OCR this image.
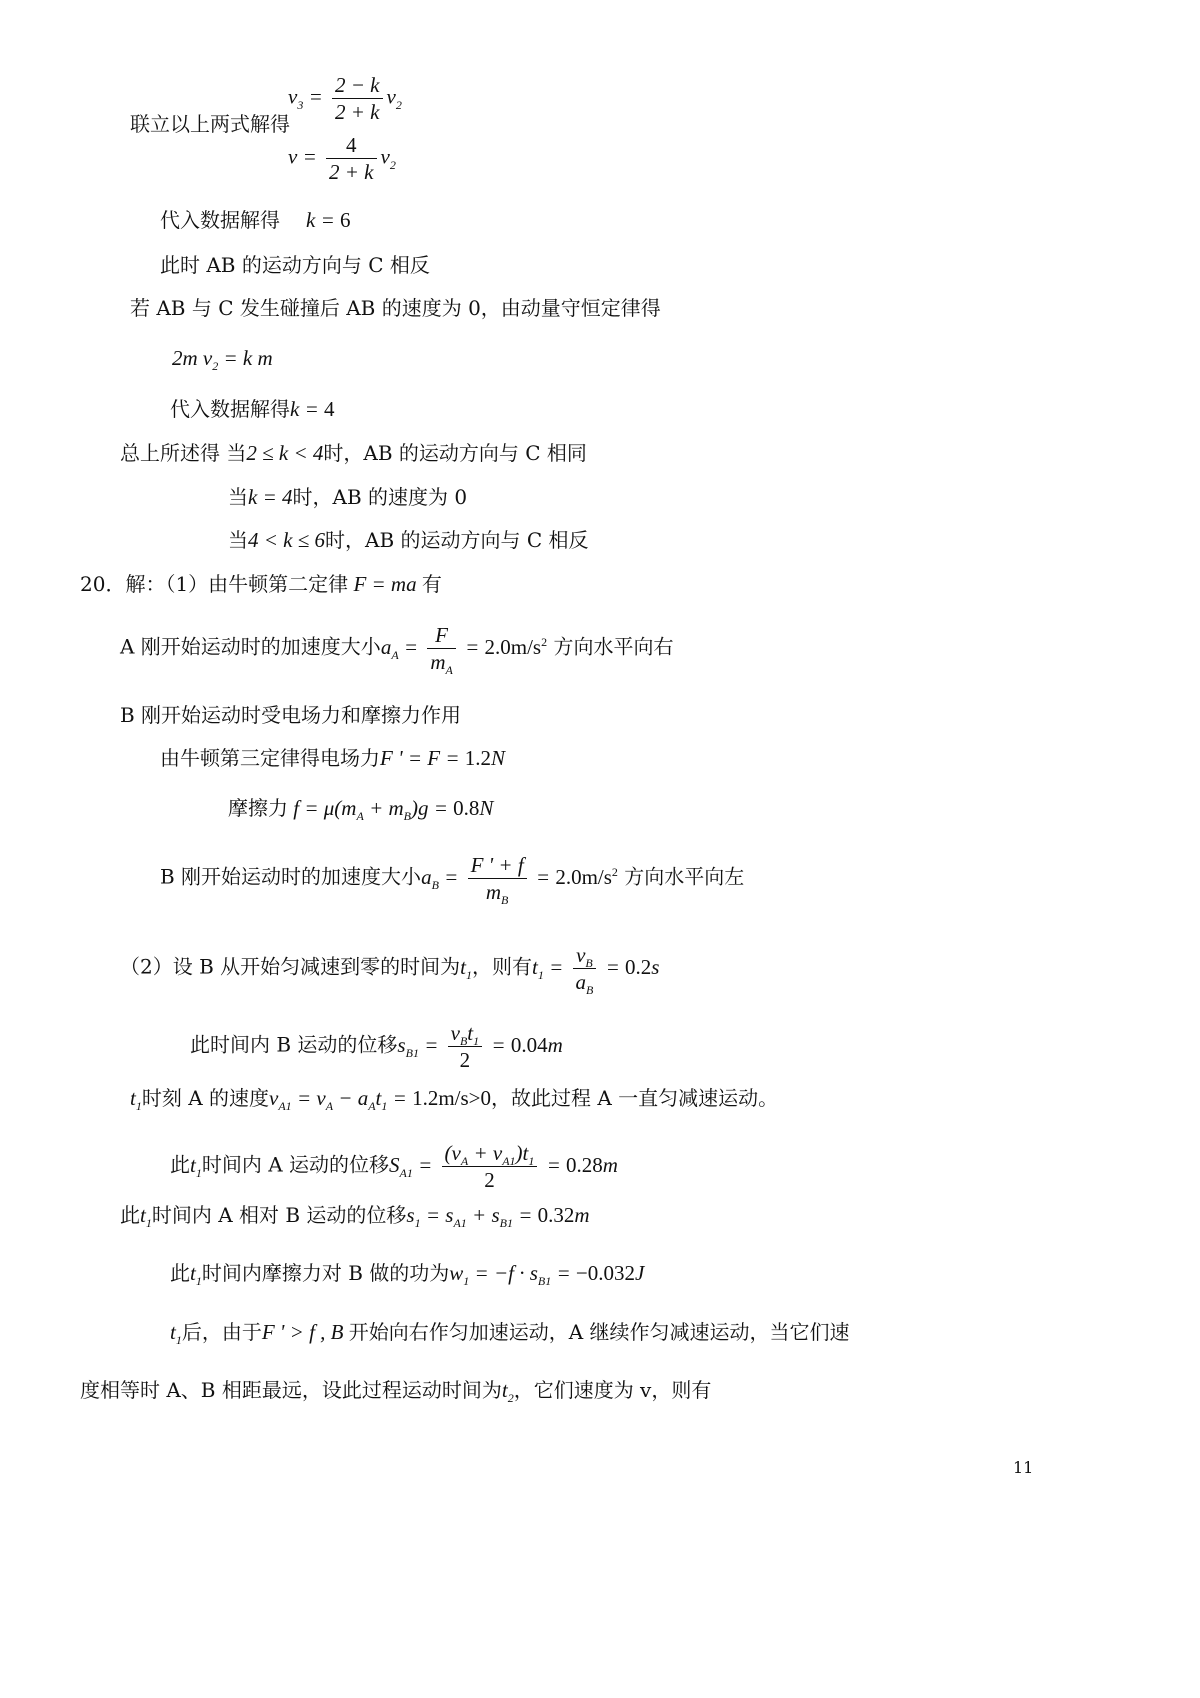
$v_3 = \frac{2 - k}{2 + k} v_2$
联立以上两式解得
$v = \frac{4}{2 + k} v_2$
代入数据解得 k = 6
此时 AB 的运动方向与 C 相反
若 AB 与 C 发生碰撞后 AB 的速度为 0，由动量守恒定律得
2m $v_2 = k$ m
代入数据解得k = 4
总上所述得 当2 ≤ k < 4时，AB 的运动方向与 C 相同
当k = 4时，AB 的速度为 0
当4 < k ≤ 6时，AB 的运动方向与 C 相反
20．解：（1）由牛顿第二定律 F = ma 有
A 刚开始运动时的加速度大小$a_A = \frac{F}{m_A} = 2.0m/s^2$ 方向水平向右
B 刚开始运动时受电场力和摩擦力作用
由牛顿第三定律得电场力F ' = F = 1.2N
摩擦力 $f = \mu(m_A + m_B)g = 0.8N$
B 刚开始运动时的加速度大小$a_B = \frac{F ' + f}{m_B} = 2.0m/s^2$ 方向水平向左
（2）设 B 从开始匀减速到零的时间为$t_1$，则有$t_1 = \frac{v_B}{a_B} = 0.2s$
此时间内 B 运动的位移$s_{B1} = \frac{v_Bt_1}{2} = 0.04m$
$t_1$时刻 A 的速度$v_{A1} = v_A - a_At_1 = 1.2m/s>0$，故此过程 A 一直匀减速运动。
此$t_1$时间内 A 运动的位移$S_{A1} = \frac{(v_A + v_{A1})t_1}{2} = 0.28m$
此$t_1$时间内 A 相对 B 运动的位移$s_1 = s_{A1} + s_{B1} = 0.32m$
此$t_1$时间内摩擦力对 B 做的功为$w_1 = -f \cdot s_{B1} = -0.032J$
$t_1$后，由于F ' > f , B 开始向右作匀加速运动，A 继续作匀减速运动，当它们速
度相等时 A、B 相距最远，设此过程运动时间为$t_2$，它们速度为 v，则有
11
